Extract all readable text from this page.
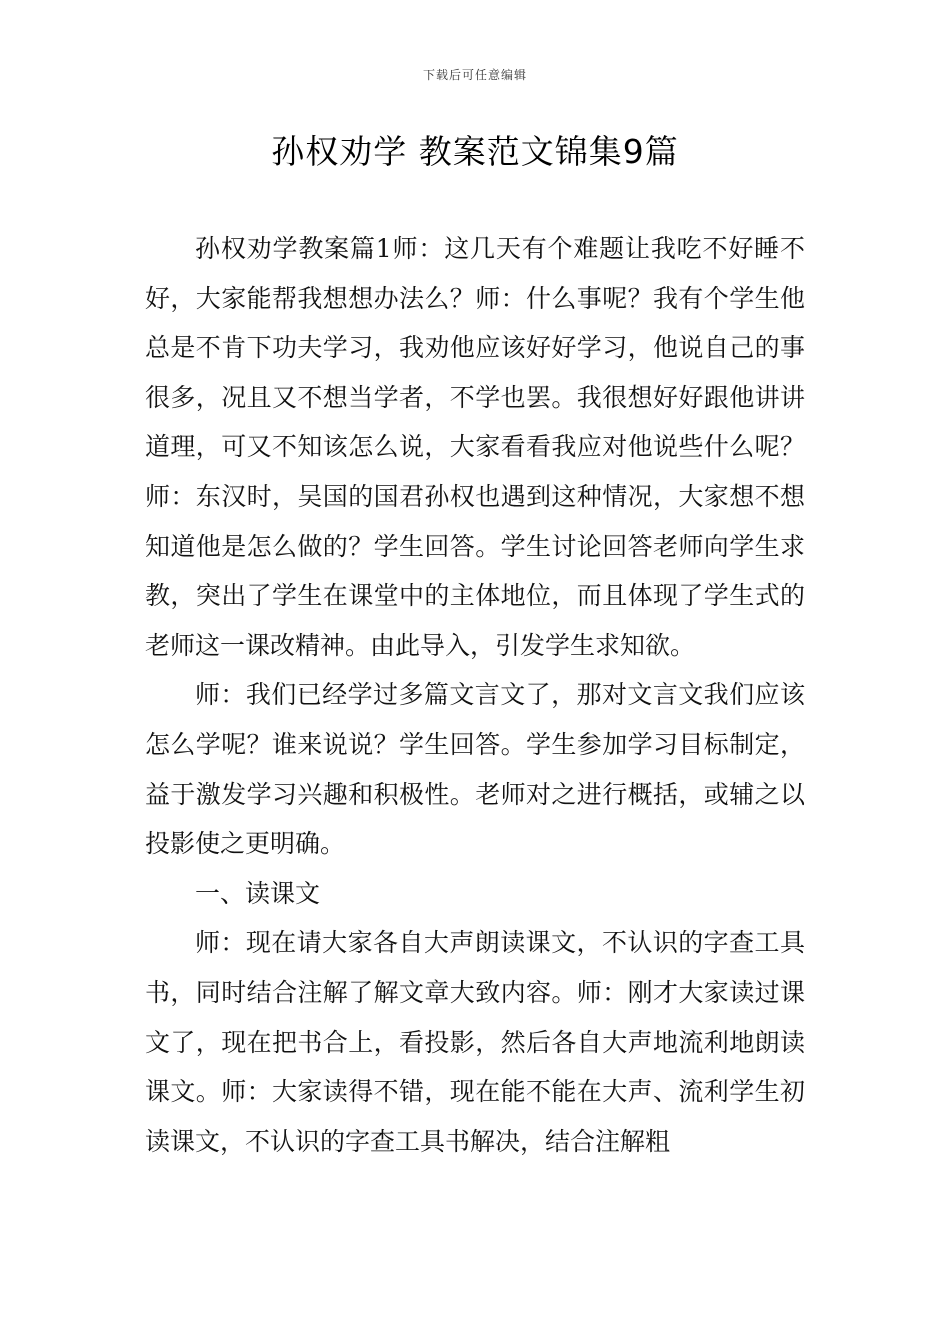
下载后可任意编辑
孙权劝学 教案范文锦集9篇

孙权劝学教案篇1师：这几天有个难题让我吃不好睡不好，大家能帮我想想办法么？师：什么事呢？我有个学生他总是不肯下功夫学习，我劝他应该好好学习，他说自己的事很多，况且又不想当学者，不学也罢。我很想好好跟他讲讲道理，可又不知该怎么说，大家看看我应对他说些什么呢？师：东汉时，吴国的国君孙权也遇到这种情况，大家想不想知道他是怎么做的？学生回答。学生讨论回答老师向学生求教，突出了学生在课堂中的主体地位，而且体现了学生式的老师这一课改精神。由此导入，引发学生求知欲。

师：我们已经学过多篇文言文了，那对文言文我们应该怎么学呢？谁来说说？学生回答。学生参加学习目标制定，益于激发学习兴趣和积极性。老师对之进行概括，或辅之以投影使之更明确。

一、读课文

师：现在请大家各自大声朗读课文，不认识的字查工具书，同时结合注解了解文章大致内容。师：刚才大家读过课文了，现在把书合上，看投影，然后各自大声地流利地朗读课文。师：大家读得不错，现在能不能在大声、流利学生初读课文，不认识的字查工具书解决，结合注解粗
